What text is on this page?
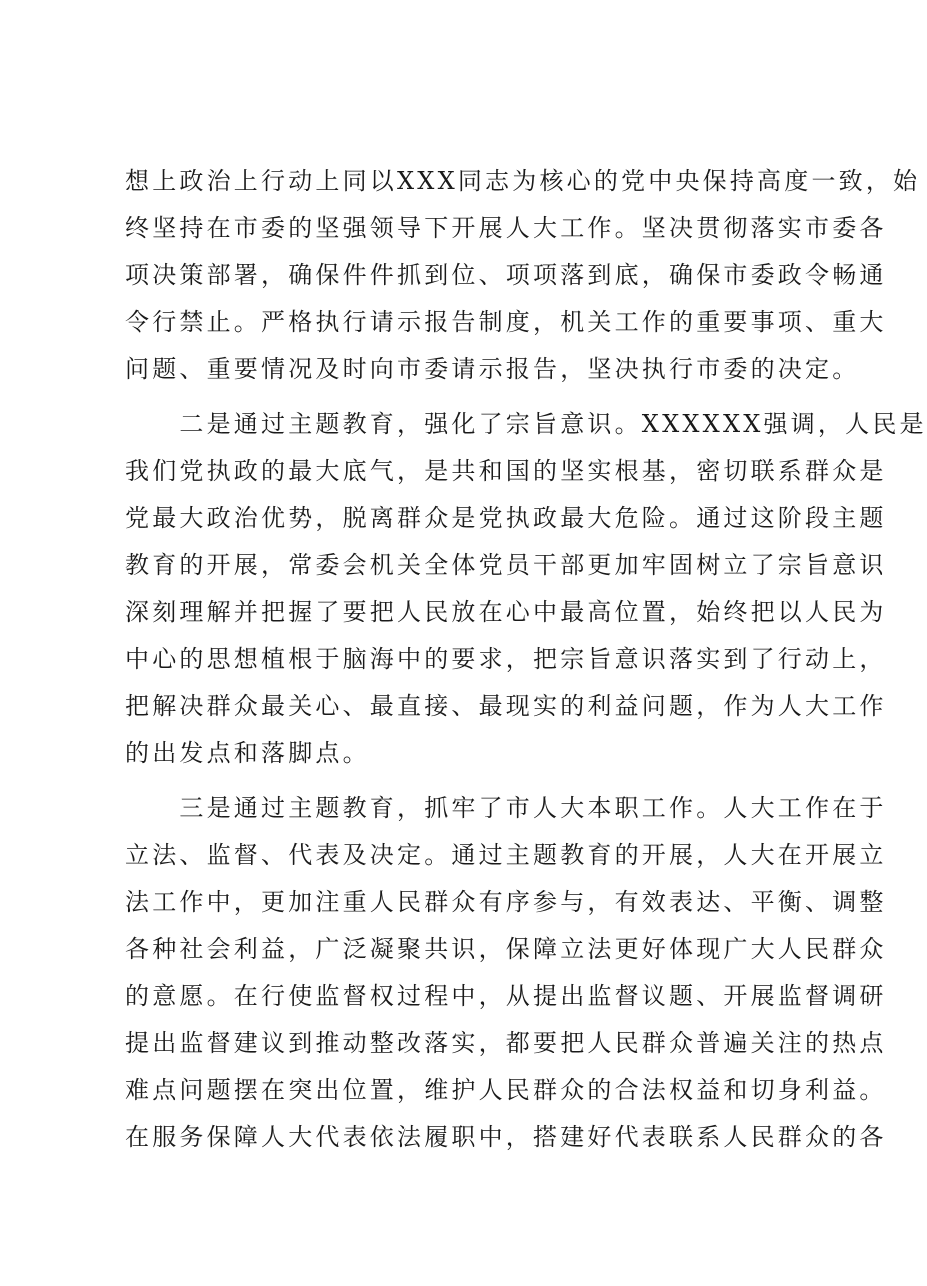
想上政治上行动上同以XXX同志为核心的党中央保持高度一致，始
终坚持在市委的坚强领导下开展人大工作。坚决贯彻落实市委各
项决策部署，确保件件抓到位、项项落到底，确保市委政令畅通
令行禁止。严格执行请示报告制度，机关工作的重要事项、重大
问题、重要情况及时向市委请示报告，坚决执行市委的决定。
　　二是通过主题教育，强化了宗旨意识。XXXXXX强调，人民是
我们党执政的最大底气，是共和国的坚实根基，密切联系群众是
党最大政治优势，脱离群众是党执政最大危险。通过这阶段主题
教育的开展，常委会机关全体党员干部更加牢固树立了宗旨意识
深刻理解并把握了要把人民放在心中最高位置，始终把以人民为
中心的思想植根于脑海中的要求，把宗旨意识落实到了行动上，
把解决群众最关心、最直接、最现实的利益问题，作为人大工作
的出发点和落脚点。
　　三是通过主题教育，抓牢了市人大本职工作。人大工作在于
立法、监督、代表及决定。通过主题教育的开展，人大在开展立
法工作中，更加注重人民群众有序参与，有效表达、平衡、调整
各种社会利益，广泛凝聚共识，保障立法更好体现广大人民群众
的意愿。在行使监督权过程中，从提出监督议题、开展监督调研
提出监督建议到推动整改落实，都要把人民群众普遍关注的热点
难点问题摆在突出位置，维护人民群众的合法权益和切身利益。
在服务保障人大代表依法履职中，搭建好代表联系人民群众的各
